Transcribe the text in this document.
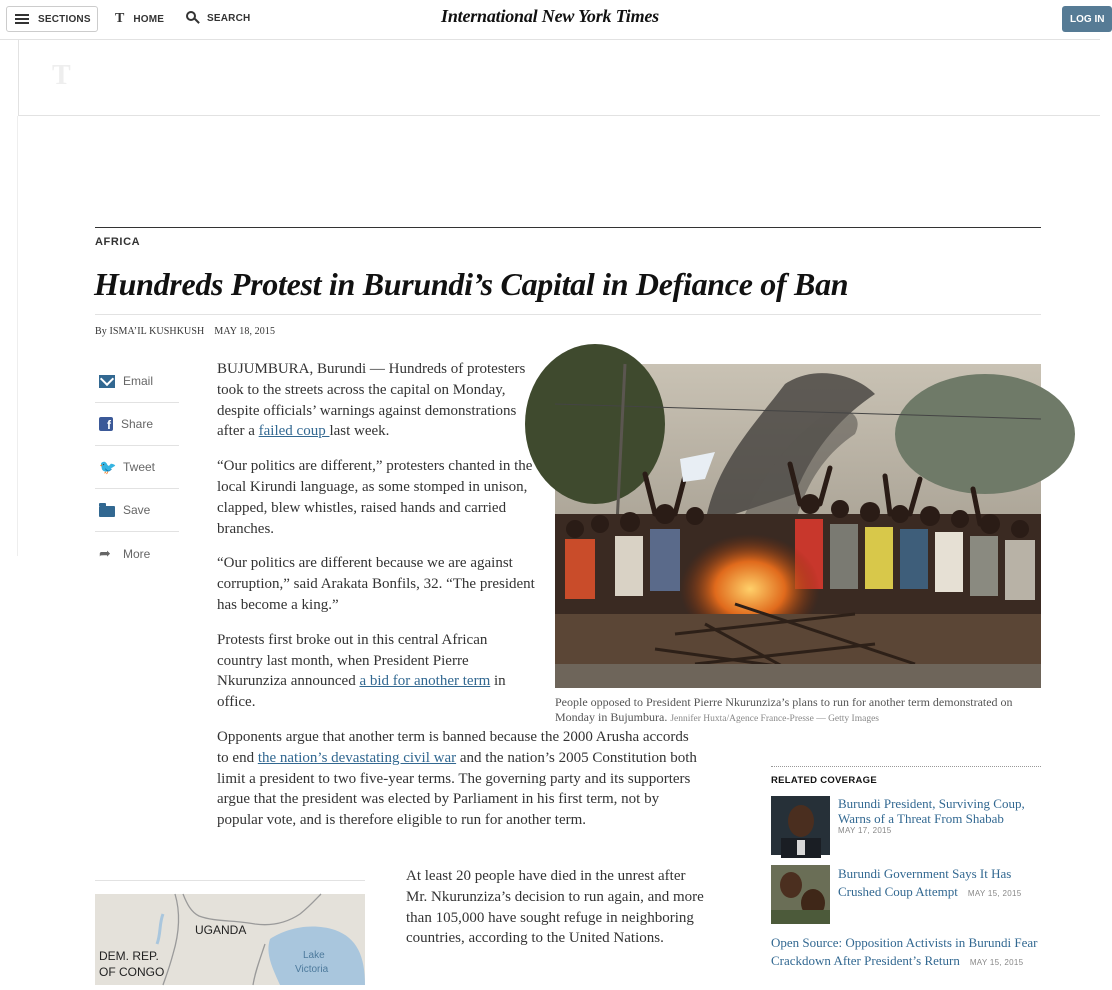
SECTIONS T HOME	SEARCH	International New York Times	LOG IN
T
AFRICA
Hundreds Protest in Burundi’s Capital in Defiance of Ban
By ISMA’IL KUSHKUSH MAY 18, 2015
Email
f Share
🐦 Tweet
Save
➦	More

BUJUMBURA, Burundi — Hundreds of protesters took to the streets across the capital on Monday, despite officials’ warnings against demonstrations after a failed coup last week.

“Our politics are different,” protesters chanted in the local Kirundi language, as some stomped in unison, clapped, blew whistles, raised hands and carried branches.

“Our politics are different because we are against corruption,” said Arakata Bonfils, 32. “The president has become a king.”

Protests first broke out in this central African country last month, when President Pierre Nkurunziza announced a bid for another term in office.

Opponents argue that another term is banned because the 2000 Arusha accords to end the nation’s devastating civil war and the nation’s 2005 Constitution both limit a president to two five-year terms. The governing party and its supporters argue that the president was elected by Parliament in his first term, not by popular vote, and is therefore eligible to run for another term.

At least 20 people have died in the unrest after Mr. Nkurunziza’s decision to run again, and more than 105,000 have sought refuge in neighboring countries, according to the United Nations.

People opposed to President Pierre Nkurunziza’s plans to run for another term demonstrated on Monday in Bujumbura. Jennifer Huxta/Agence France-Presse — Getty Images
RELATED COVERAGE
Burundi President, Surviving Coup, Warns of a Threat From Shabab
MAY 17, 2015
Burundi Government Says It Has Crushed Coup Attempt MAY 15, 2015
Open Source: Opposition Activists in Burundi Fear Crackdown After President’s Return MAY 15, 2015
UGANDA
DEM. REP.
OF CONGO
Lake
Victoria
